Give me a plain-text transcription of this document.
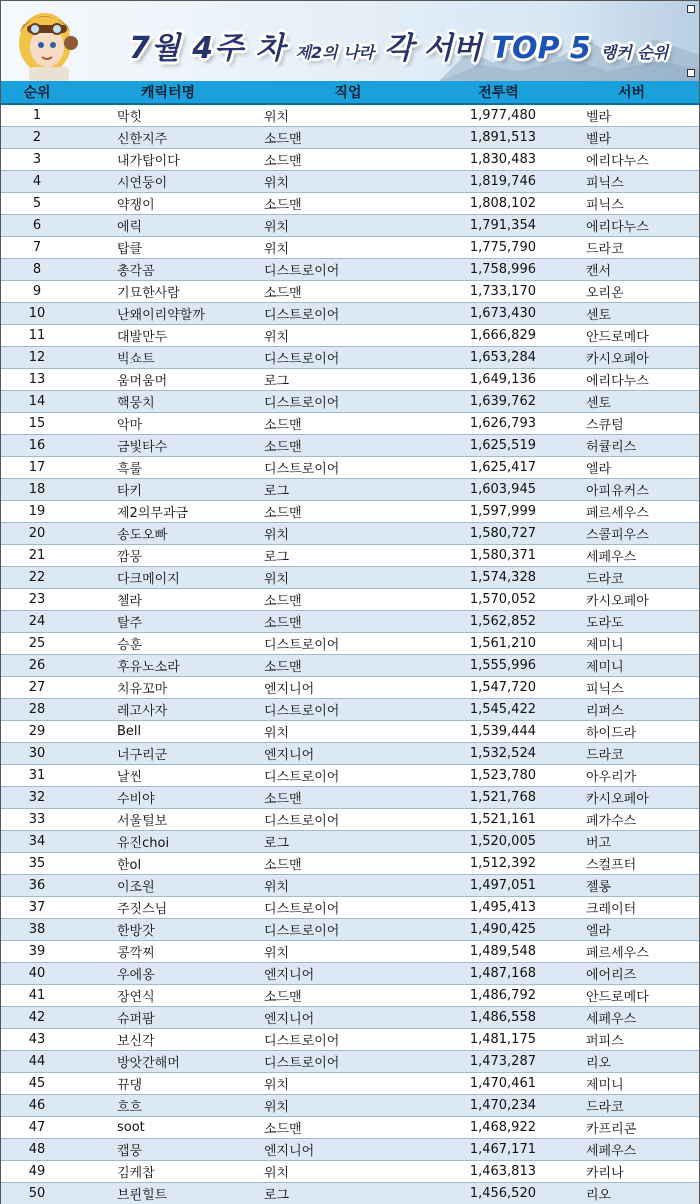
7월 4주 차 제2의 나라 각 서버 TOP 5 랭커 순위
순위	캐릭터명	직업	전투력	서버
1	막힛	위치	1,977,480	벨라
2	신한지주	소드맨	1,891,513	벨라
3	내가탑이다	소드맨	1,830,483	에리다누스
4	시연둥이	위치	1,819,746	피닉스
5	약쟁이	소드맨	1,808,102	피닉스
6	에릭	위치	1,791,354	에리다누스
7	탑클	위치	1,775,790	드라코
8	총각곰	디스트로이어	1,758,996	캔서
9	기묘한사람	소드맨	1,733,170	오리온
10	난왜이리약할까	디스트로이어	1,673,430	센토
11	대발만두	위치	1,666,829	안드로메다
12	빅쇼트	디스트로이어	1,653,284	카시오페아
13	움머움머	로그	1,649,136	에리다누스
14	핵뭉치	디스트로이어	1,639,762	센토
15	악마	소드맨	1,626,793	스큐텀
16	금빛타수	소드맨	1,625,519	허큘리스
17	흑룰	디스트로이어	1,625,417	엘라
18	타키	로그	1,603,945	아피유커스
19	제2의무과금	소드맨	1,597,999	페르세우스
20	송도오빠	위치	1,580,727	스콜피우스
21	깜뭉	로그	1,580,371	세페우스
22	다크메이지	위치	1,574,328	드라코
23	첼라	소드맨	1,570,052	카시오페아
24	탈주	소드맨	1,562,852	도라도
25	승훈	디스트로이어	1,561,210	제미니
26	후유노소라	소드맨	1,555,996	제미니
27	치유꼬마	엔지니어	1,547,720	피닉스
28	레고사자	디스트로이어	1,545,422	리퍼스
29	Bell	위치	1,539,444	하이드라
30	너구리군	엔지니어	1,532,524	드라코
31	날씬	디스트로이어	1,523,780	아우리가
32	수비야	소드맨	1,521,768	카시오페아
33	서울털보	디스트로이어	1,521,161	페가수스
34	유진choi	로그	1,520,005	버고
35	한ol	소드맨	1,512,392	스컬프터
36	이조원	위치	1,497,051	젤롱
37	주짓스님	디스트로이어	1,495,413	크레이터
38	한방갓	디스트로이어	1,490,425	엘라
39	콩깍찌	위치	1,489,548	페르세우스
40	우에옹	엔지니어	1,487,168	에어리즈
41	장연식	소드맨	1,486,792	안드로메다
42	슈퍼팜	엔지니어	1,486,558	세페우스
43	보신각	디스트로이어	1,481,175	퍼피스
44	방앗간해머	디스트로이어	1,473,287	리오
45	뀨댕	위치	1,470,461	제미니
46	흐흐	위치	1,470,234	드라코
47	soot	소드맨	1,468,922	카프리콘
48	캡뭉	엔지니어	1,467,171	세페우스
49	김케찹	위치	1,463,813	카리나
50	브륀힐트	로그	1,456,520	리오
